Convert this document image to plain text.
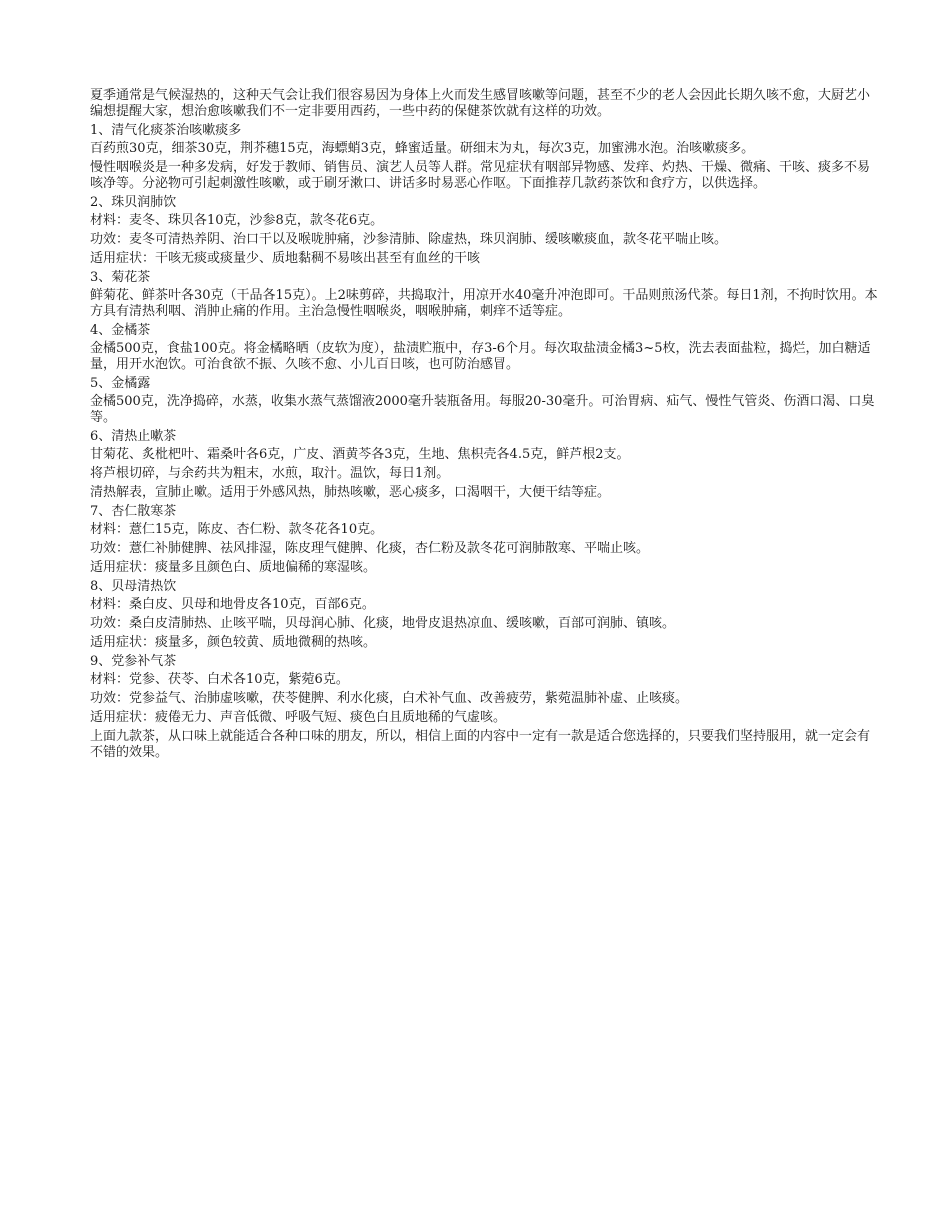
夏季通常是气候湿热的，这种天气会让我们很容易因为身体上火而发生感冒咳嗽等问题，甚至不少的老人会因此长期久咳不愈，大厨艺小编想提醒大家，想治愈咳嗽我们不一定非要用西药，一些中药的保健茶饮就有这样的功效。
1、清气化痰茶治咳嗽痰多
百药煎30克，细茶30克，荆芥穗15克，海螵蛸3克，蜂蜜适量。研细末为丸，每次3克，加蜜沸水泡。治咳嗽痰多。
慢性咽喉炎是一种多发病，好发于教师、销售员、演艺人员等人群。常见症状有咽部异物感、发痒、灼热、干燥、微痛、干咳、痰多不易咳净等。分泌物可引起刺激性咳嗽，或于刷牙漱口、讲话多时易恶心作呕。下面推荐几款药茶饮和食疗方，以供选择。
2、珠贝润肺饮
材料：麦冬、珠贝各10克，沙参8克，款冬花6克。
功效：麦冬可清热养阴、治口干以及喉咙肿痛，沙参清肺、除虚热，珠贝润肺、缓咳嗽痰血，款冬花平喘止咳。
适用症状：干咳无痰或痰量少、质地黏稠不易咳出甚至有血丝的干咳
3、菊花茶
鲜菊花、鲜茶叶各30克（干品各15克）。上2味剪碎，共捣取汁，用凉开水40毫升冲泡即可。干品则煎汤代茶。每日1剂，不拘时饮用。本方具有清热利咽、消肿止痛的作用。主治急慢性咽喉炎，咽喉肿痛，刺痒不适等症。
4、金橘茶
金橘500克，食盐100克。将金橘略晒（皮软为度），盐渍贮瓶中，存3-6个月。每次取盐渍金橘3~5枚，洗去表面盐粒，捣烂，加白糖适量，用开水泡饮。可治食欲不振、久咳不愈、小儿百日咳，也可防治感冒。
5、金橘露
金橘500克，洗净捣碎，水蒸，收集水蒸气蒸馏液2000毫升装瓶备用。每服20-30毫升。可治胃病、疝气、慢性气管炎、伤酒口渴、口臭等。
6、清热止嗽茶
甘菊花、炙枇杷叶、霜桑叶各6克，广皮、酒黄芩各3克，生地、焦枳壳各4.5克，鲜芦根2支。
将芦根切碎，与余药共为粗末，水煎，取汁。温饮，每日1剂。
清热解表，宣肺止嗽。适用于外感风热，肺热咳嗽，恶心痰多，口渴咽干，大便干结等症。
7、杏仁散寒茶
材料：薏仁15克，陈皮、杏仁粉、款冬花各10克。
功效：薏仁补肺健脾、祛风排湿，陈皮理气健脾、化痰，杏仁粉及款冬花可润肺散寒、平喘止咳。
适用症状：痰量多且颜色白、质地偏稀的寒湿咳。
8、贝母清热饮
材料：桑白皮、贝母和地骨皮各10克，百部6克。
功效：桑白皮清肺热、止咳平喘，贝母润心肺、化痰，地骨皮退热凉血、缓咳嗽，百部可润肺、镇咳。
适用症状：痰量多，颜色较黄、质地微稠的热咳。
9、党参补气茶
材料：党参、茯苓、白术各10克，紫菀6克。
功效：党参益气、治肺虚咳嗽，茯苓健脾、利水化痰，白术补气血、改善疲劳，紫菀温肺补虚、止咳痰。
适用症状：疲倦无力、声音低微、呼吸气短、痰色白且质地稀的气虚咳。
上面九款茶，从口味上就能适合各种口味的朋友，所以，相信上面的内容中一定有一款是适合您选择的，只要我们坚持服用，就一定会有不错的效果。
